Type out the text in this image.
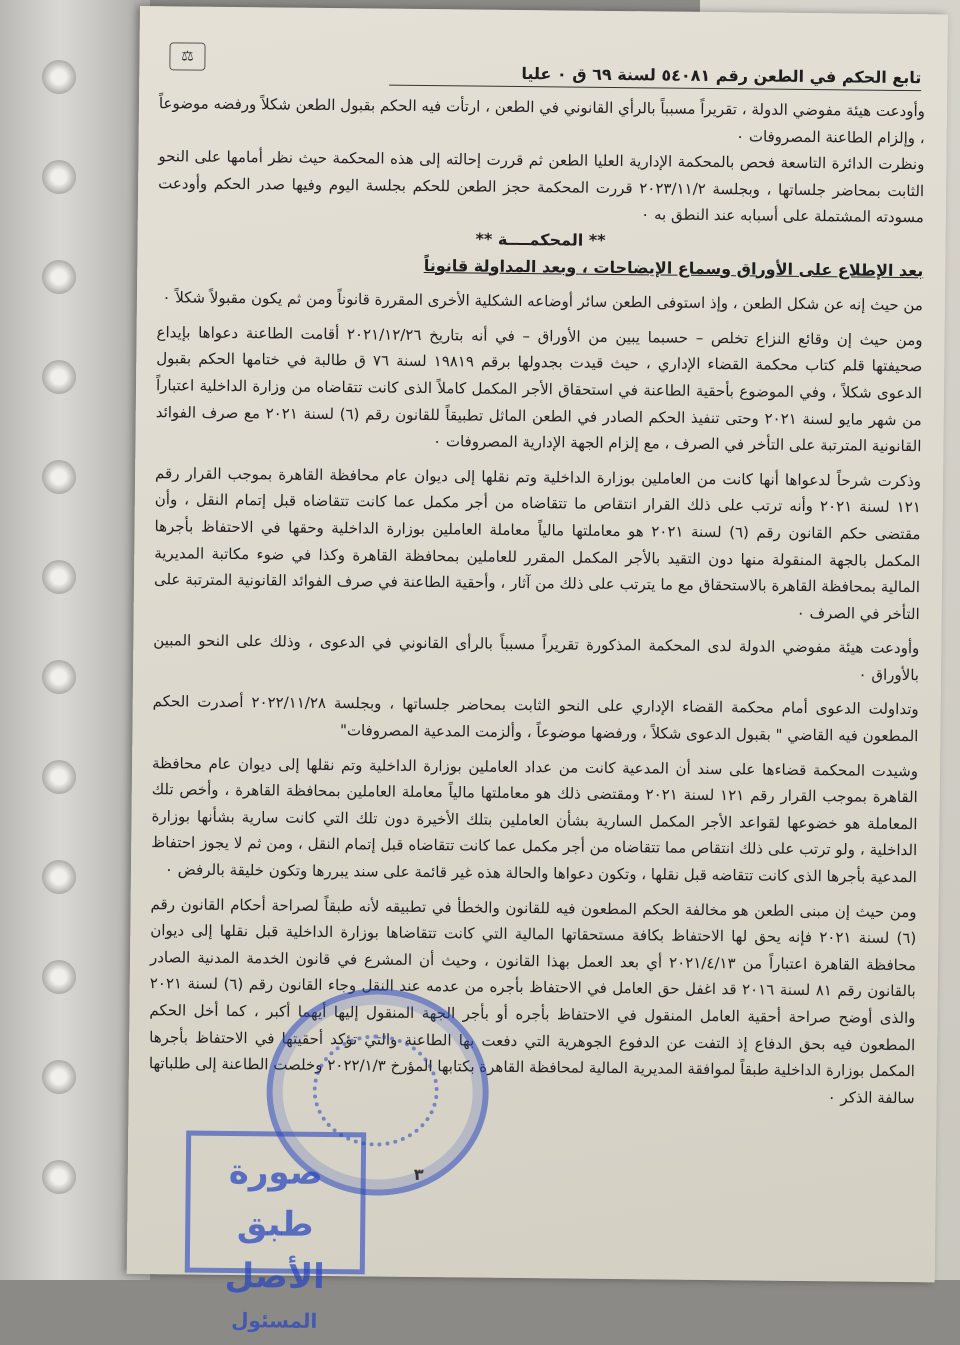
⚖
تابع الحكم في الطعن رقم ٥٤٠٨١ لسنة ٦٩ ق ٠ عليا

وأودعت هيئة مفوضي الدولة ، تقريراً مسبباً بالرأي القانوني في الطعن ، ارتأت فيه الحكم بقبول الطعن شكلاً ورفضه موضوعاً ، وإلزام الطاعنة المصروفات ٠

ونظرت الدائرة التاسعة فحص بالمحكمة الإدارية العليا الطعن ثم قررت إحالته إلى هذه المحكمة حيث نظر أمامها على النحو الثابت بمحاضر جلساتها ، وبجلسة ٢٠٢٣/١١/٢ قررت المحكمة حجز الطعن للحكم بجلسة اليوم وفيها صدر الحكم وأودعت مسودته المشتملة على أسبابه عند النطق به ٠

** المحكمــــة **

بعد الإطلاع على الأوراق وسماع الإيضاحات ، وبعد المداولة قانوناً

من حيث إنه عن شكل الطعن ، وإذ استوفى الطعن سائر أوضاعه الشكلية الأخرى المقررة قانوناً ومن ثم يكون مقبولاً شكلاً ٠

ومن حيث إن وقائع النزاع تخلص – حسبما يبين من الأوراق – في أنه بتاريخ ٢٠٢١/١٢/٢٦ أقامت الطاعنة دعواها بإيداع صحيفتها قلم كتاب محكمة القضاء الإداري ، حيث قيدت بجدولها برقم ١٩٨١٩ لسنة ٧٦ ق طالبة في ختامها الحكم بقبول الدعوى شكلاً ، وفي الموضوع بأحقية الطاعنة في استحقاق الأجر المكمل كاملاً الذى كانت تتقاضاه من وزارة الداخلية اعتباراً من شهر مايو لسنة ٢٠٢١ وحتى تنفيذ الحكم الصادر في الطعن الماثل تطبيقاً للقانون رقم (٦) لسنة ٢٠٢١ مع صرف الفوائد القانونية المترتبة على التأخر في الصرف ، مع إلزام الجهة الإدارية المصروفات ٠

وذكرت شرحاً لدعواها أنها كانت من العاملين بوزارة الداخلية وتم نقلها إلى ديوان عام محافظة القاهرة بموجب القرار رقم ١٢١ لسنة ٢٠٢١ وأنه ترتب على ذلك القرار انتقاص ما تتقاضاه من أجر مكمل عما كانت تتقاضاه قبل إتمام النقل ، وأن مقتضى حكم القانون رقم (٦) لسنة ٢٠٢١ هو معاملتها مالياً معاملة العاملين بوزارة الداخلية وحقها في الاحتفاظ بأجرها المكمل بالجهة المنقولة منها دون التقيد بالأجر المكمل المقرر للعاملين بمحافظة القاهرة وكذا في ضوء مكاتبة المديرية المالية بمحافظة القاهرة بالاستحقاق مع ما يترتب على ذلك من آثار ، وأحقية الطاعنة في صرف الفوائد القانونية المترتبة على التأخر في الصرف ٠

وأودعت هيئة مفوضي الدولة لدى المحكمة المذكورة تقريراً مسبباً بالرأى القانوني في الدعوى ، وذلك على النحو المبين بالأوراق ٠

وتداولت الدعوى أمام محكمة القضاء الإداري على النحو الثابت بمحاضر جلساتها ، وبجلسة ٢٠٢٢/١١/٢٨ أصدرت الحكم المطعون فيه القاضي " بقبول الدعوى شكلاً ، ورفضها موضوعاً ، وألزمت المدعية المصروفات"

وشيدت المحكمة قضاءها على سند أن المدعية كانت من عداد العاملين بوزارة الداخلية وتم نقلها إلى ديوان عام محافظة القاهرة بموجب القرار رقم ١٢١ لسنة ٢٠٢١ ومقتضى ذلك هو معاملتها مالياً معاملة العاملين بمحافظة القاهرة ، وأخص تلك المعاملة هو خضوعها لقواعد الأجر المكمل السارية بشأن العاملين بتلك الأخيرة دون تلك التي كانت سارية بشأنها بوزارة الداخلية ، ولو ترتب على ذلك انتقاص مما تتقاضاه من أجر مكمل عما كانت تتقاضاه قبل إتمام النقل ، ومن ثم لا يجوز احتفاظ المدعية بأجرها الذى كانت تتقاضه قبل نقلها ، وتكون دعواها والحالة هذه غير قائمة على سند يبررها وتكون خليقة بالرفض ٠

ومن حيث إن مبنى الطعن هو مخالفة الحكم المطعون فيه للقانون والخطأ في تطبيقه لأنه طبقاً لصراحة أحكام القانون رقم (٦) لسنة ٢٠٢١ فإنه يحق لها الاحتفاظ بكافة مستحقاتها المالية التي كانت تتقاضاها بوزارة الداخلية قبل نقلها إلى ديوان محافظة القاهرة اعتباراً من ٢٠٢١/٤/١٣ أي بعد العمل بهذا القانون ، وحيث أن المشرع في قانون الخدمة المدنية الصادر بالقانون رقم ٨١ لسنة ٢٠١٦ قد اغفل حق العامل في الاحتفاظ بأجره من عدمه عند النقل وجاء القانون رقم (٦) لسنة ٢٠٢١ والذى أوضح صراحة أحقية العامل المنقول في الاحتفاظ بأجره أو بأجر الجهة المنقول إليها أيهما أكبر ، كما أخل الحكم المطعون فيه بحق الدفاع إذ التفت عن الدفوع الجوهرية التي دفعت بها الطاعنة والتي تؤكد أحقيتها في الاحتفاظ بأجرها المكمل بوزارة الداخلية طبقاً لموافقة المديرية المالية لمحافظة القاهرة بكتابها المؤرخ ٢٠٢٢/١/٣ وخلصت الطاعنة إلى طلباتها سالفة الذكر ٠

صورة طبق الأصل
المسئول
٣
